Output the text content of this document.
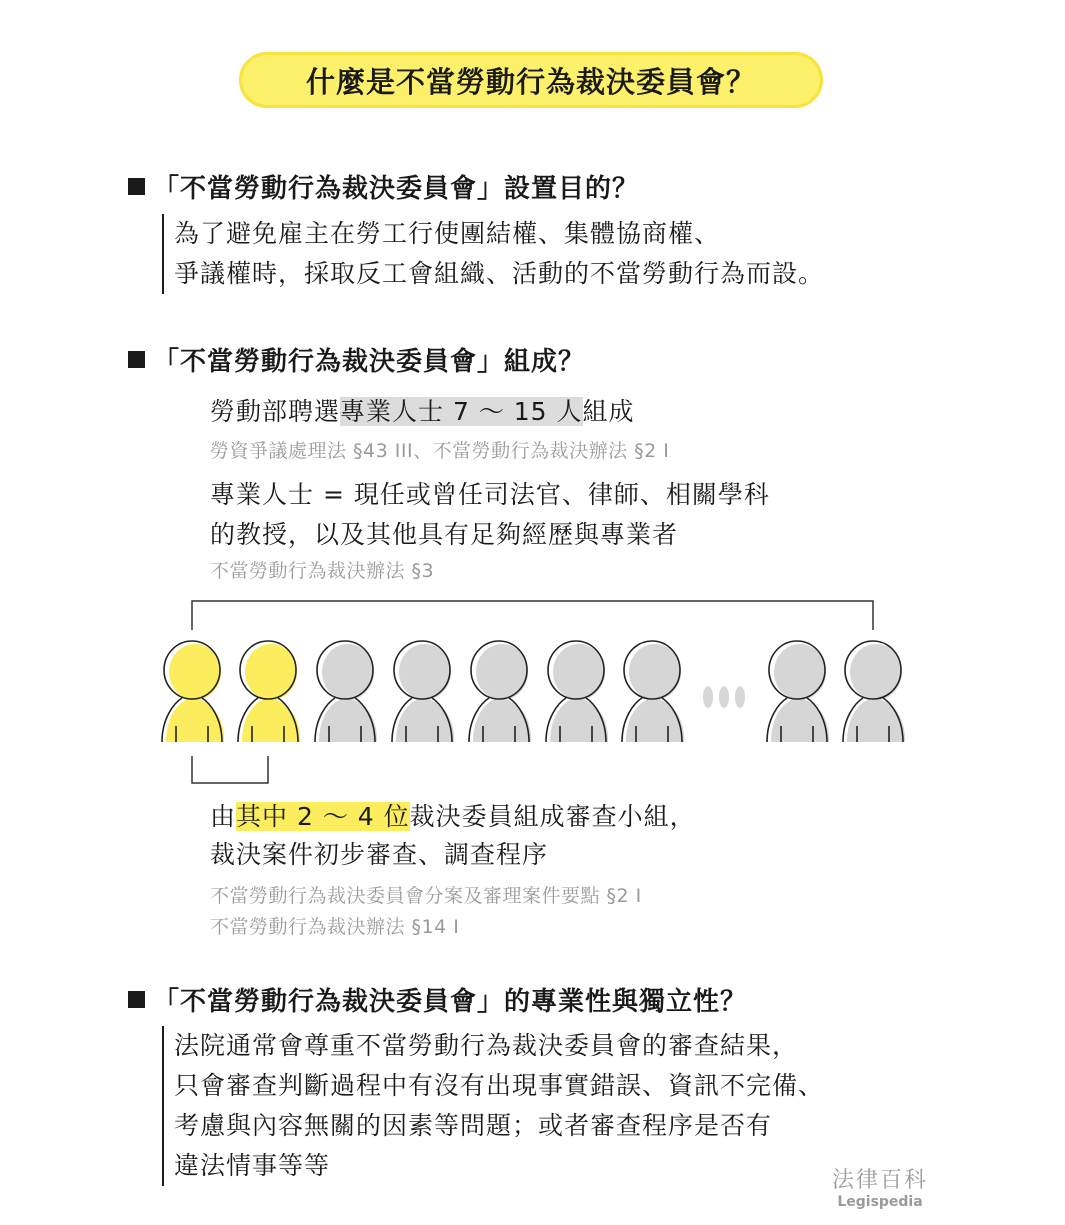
什麼是不當勞動行為裁決委員會？
「不當勞動行為裁決委員會」設置目的？
為了避免雇主在勞工行使團結權、集體協商權、
爭議權時，採取反工會組織、活動的不當勞動行為而設。
「不當勞動行為裁決委員會」組成？
勞動部聘選專業人士 7 ～ 15 人組成
勞資爭議處理法 §43 III、不當勞動行為裁決辦法 §2 I
專業人士 = 現任或曾任司法官、律師、相關學科
的教授，以及其他具有足夠經歷與專業者
不當勞動行為裁決辦法 §3
由其中 2 ～ 4 位裁決委員組成審查小組，
裁決案件初步審查、調查程序
不當勞動行為裁決委員會分案及審理案件要點 §2 I
不當勞動行為裁決辦法 §14 I
「不當勞動行為裁決委員會」的專業性與獨立性？
法院通常會尊重不當勞動行為裁決委員會的審查結果，
只會審查判斷過程中有沒有出現事實錯誤、資訊不完備、
考慮與內容無關的因素等問題；或者審查程序是否有
違法情事等等
法律百科
Legispedia
